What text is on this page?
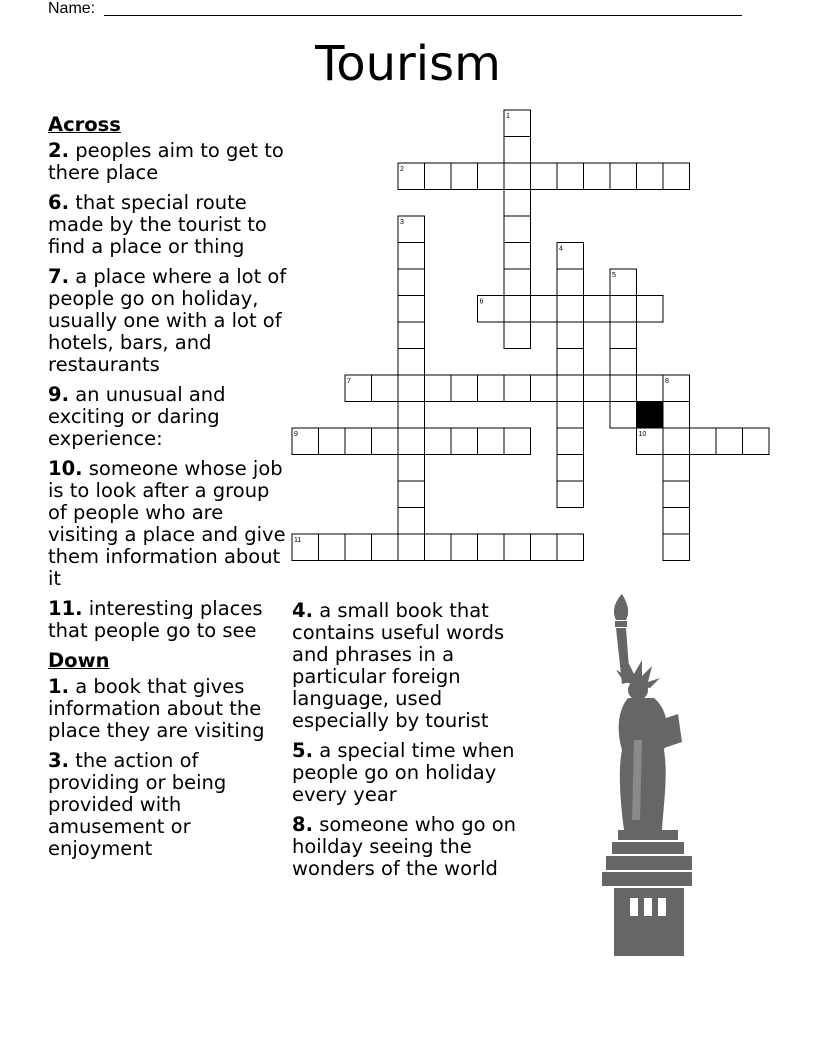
Name:
Tourism
Across
2. peoples aim to get to there place
6. that special route made by the tourist to find a place or thing
7. a place where a lot of people go on holiday, usually one with a lot of hotels, bars, and restaurants
9. an unusual and exciting or daring experience:
10. someone whose job is to look after a group of people who are visiting a place and give them information about it
11. interesting places that people go to see
Down
1. a book that gives information about the place they are visiting
3. the action of providing or being provided with amusement or enjoyment
4. a small book that contains useful words and phrases in a particular foreign language, used especially by tourist
5. a special time when people go on holiday every year
8. someone who go on hoilday seeing the wonders of the world
1
2
3
4
5
6
7	8
9	10
11
